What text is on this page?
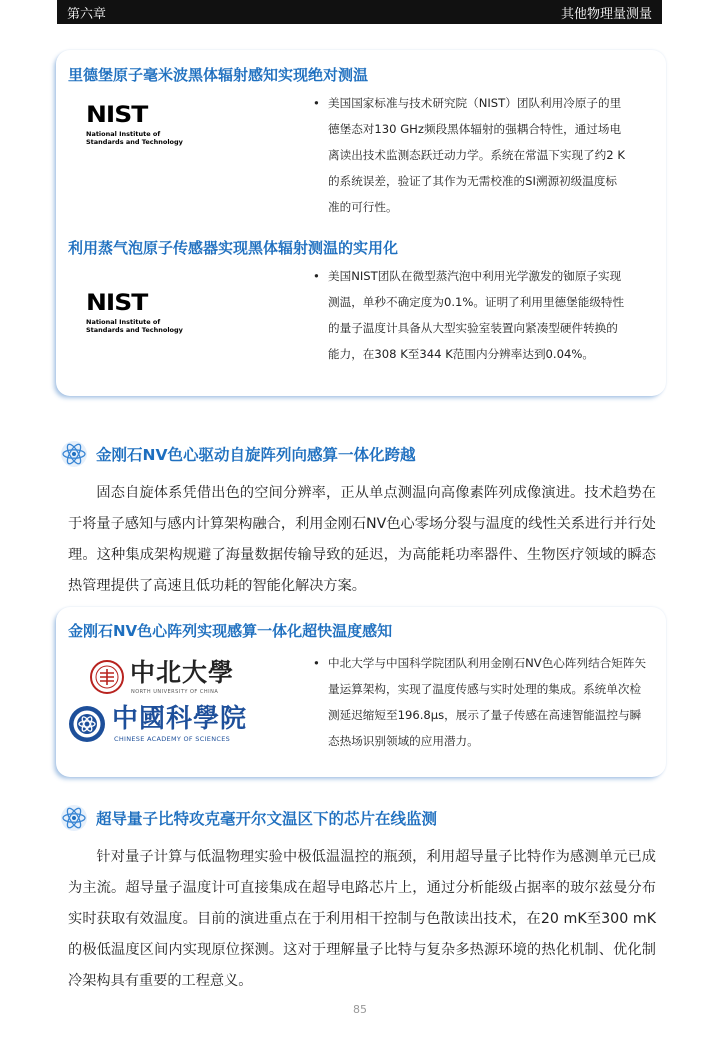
第六章	其他物理量测量
里德堡原子毫米波黑体辐射感知实现绝对测温
NIST
National Institute of
Standards and Technology
• 美国国家标准与技术研究院（NIST）团队利用冷原子的里德堡态对130 GHz频段黑体辐射的强耦合特性，通过场电离读出技术监测态跃迁动力学。系统在常温下实现了约2 K的系统误差，验证了其作为无需校准的SI溯源初级温度标准的可行性。
利用蒸气泡原子传感器实现黑体辐射测温的实用化
NIST
National Institute of
Standards and Technology
• 美国NIST团队在微型蒸汽泡中利用光学激发的铷原子实现测温，单秒不确定度为0.1%。证明了利用里德堡能级特性的量子温度计具备从大型实验室装置向紧凑型硬件转换的能力，在308 K至344 K范围内分辨率达到0.04%。
金刚石NV色心驱动自旋阵列向感算一体化跨越
固态自旋体系凭借出色的空间分辨率，正从单点测温向高像素阵列成像演进。技术趋势在于将量子感知与感内计算架构融合，利用金刚石NV色心零场分裂与温度的线性关系进行并行处理。这种集成架构规避了海量数据传输导致的延迟，为高能耗功率器件、生物医疗领域的瞬态热管理提供了高速且低功耗的智能化解决方案。
金刚石NV色心阵列实现感算一体化超快温度感知
中北大學
NORTH UNIVERSITY OF CHINA
中國科學院
CHINESE ACADEMY OF SCIENCES
• 中北大学与中国科学院团队利用金刚石NV色心阵列结合矩阵矢量运算架构，实现了温度传感与实时处理的集成。系统单次检测延迟缩短至196.8μs，展示了量子传感在高速智能温控与瞬态热场识别领域的应用潜力。
超导量子比特攻克毫开尔文温区下的芯片在线监测
针对量子计算与低温物理实验中极低温温控的瓶颈，利用超导量子比特作为感测单元已成为主流。超导量子温度计可直接集成在超导电路芯片上，通过分析能级占据率的玻尔兹曼分布实时获取有效温度。目前的演进重点在于利用相干控制与色散读出技术，在20 mK至300 mK的极低温度区间内实现原位探测。这对于理解量子比特与复杂多热源环境的热化机制、优化制冷架构具有重要的工程意义。
85
